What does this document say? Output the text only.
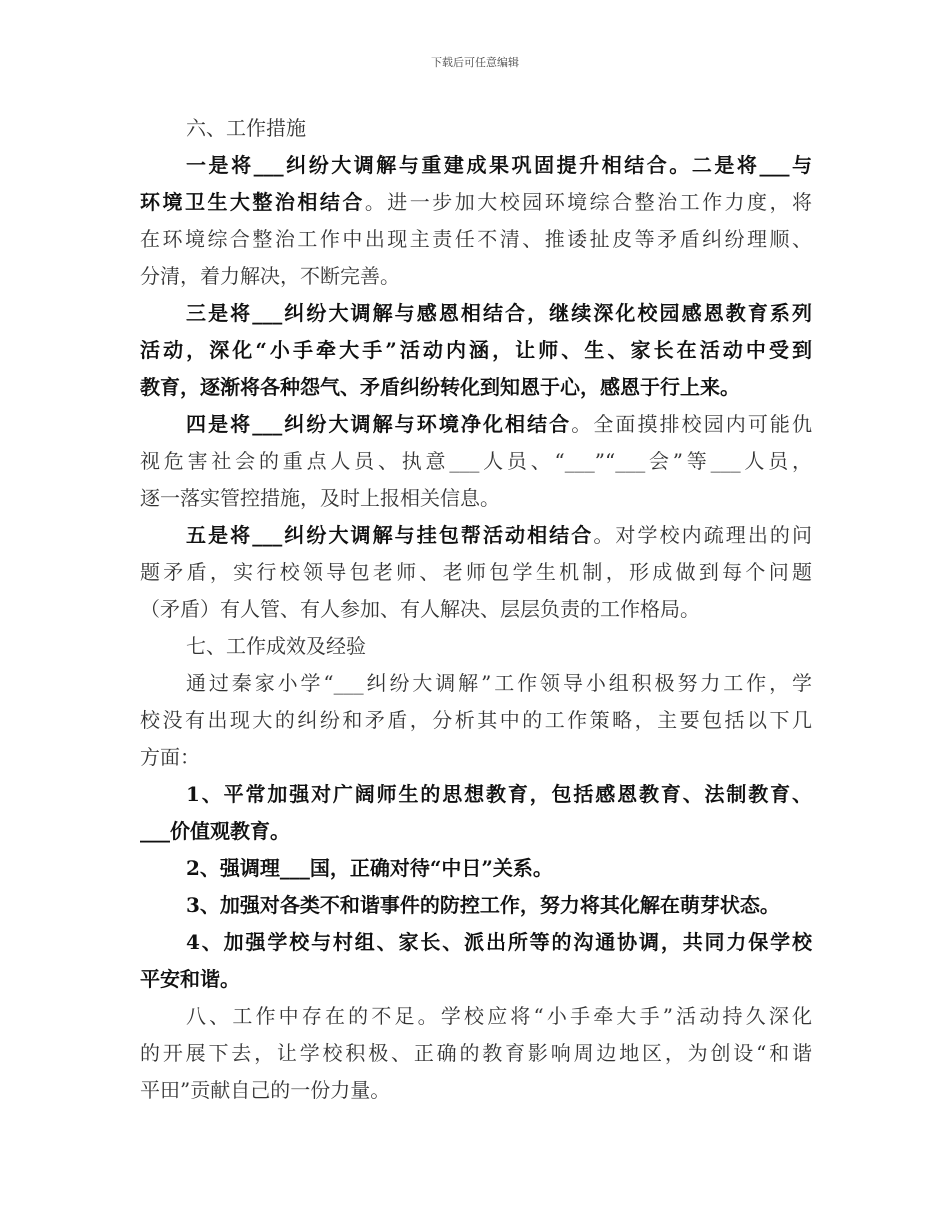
下载后可任意编辑
六、工作措施
一是将___纠纷大调解与重建成果巩固提升相结合。二是将___与
环境卫生大整治相结合。进一步加大校园环境综合整治工作力度，将
在环境综合整治工作中出现主责任不清、推诿扯皮等矛盾纠纷理顺、
分清，着力解决，不断完善。
三是将___纠纷大调解与感恩相结合，继续深化校园感恩教育系列
活动，深化“小手牵大手”活动内涵，让师、生、家长在活动中受到
教育，逐渐将各种怨气、矛盾纠纷转化到知恩于心，感恩于行上来。
四是将___纠纷大调解与环境净化相结合。全面摸排校园内可能仇
视危害社会的重点人员、执意___人员、“___”“___会”等___人员，
逐一落实管控措施，及时上报相关信息。
五是将___纠纷大调解与挂包帮活动相结合。对学校内疏理出的问
题矛盾，实行校领导包老师、老师包学生机制，形成做到每个问题
（矛盾）有人管、有人参加、有人解决、层层负责的工作格局。
七、工作成效及经验
通过秦家小学“___纠纷大调解”工作领导小组积极努力工作，学
校没有出现大的纠纷和矛盾，分析其中的工作策略，主要包括以下几
方面：
1、平常加强对广阔师生的思想教育，包括感恩教育、法制教育、
___价值观教育。
2、强调理___国，正确对待“中日”关系。
3、加强对各类不和谐事件的防控工作，努力将其化解在萌芽状态。
4、加强学校与村组、家长、派出所等的沟通协调，共同力保学校
平安和谐。
八、工作中存在的不足。学校应将“小手牵大手”活动持久深化
的开展下去，让学校积极、正确的教育影响周边地区，为创设“和谐
平田”贡献自己的一份力量。
